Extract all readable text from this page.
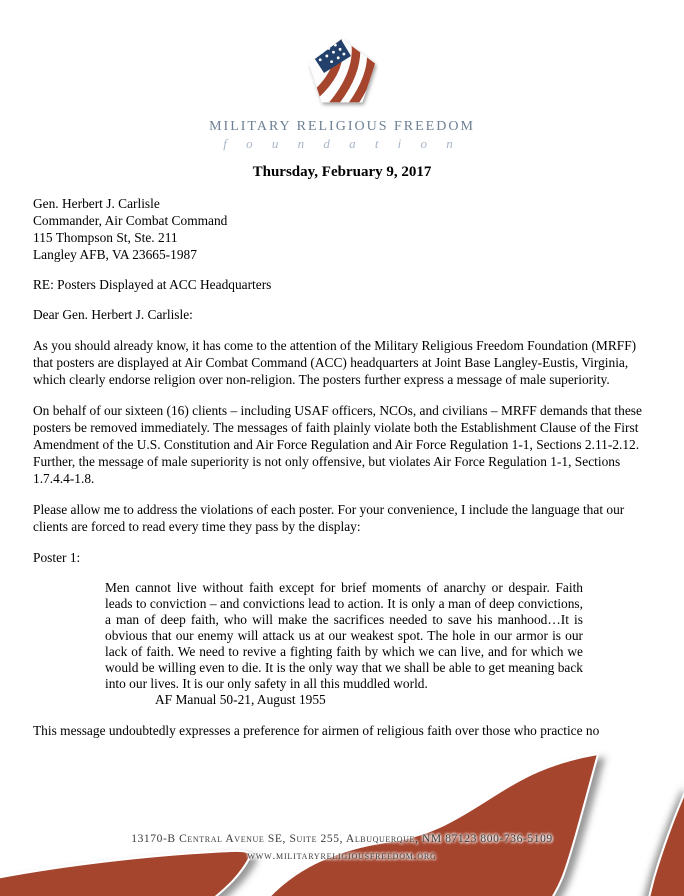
MILITARY RELIGIOUS FREEDOM
f o u n d a t i o n
Thursday, February 9, 2017
Gen. Herbert J. Carlisle
Commander, Air Combat Command
115 Thompson St, Ste. 211
Langley AFB, VA 23665-1987
RE: Posters Displayed at ACC Headquarters
Dear Gen. Herbert J. Carlisle:

As you should already know, it has come to the attention of the Military Religious Freedom Foundation (MRFF) that posters are displayed at Air Combat Command (ACC) headquarters at Joint Base Langley-Eustis, Virginia, which clearly endorse religion over non-religion. The posters further express a message of male superiority.

On behalf of our sixteen (16) clients – including USAF officers, NCOs, and civilians – MRFF demands that these posters be removed immediately. The messages of faith plainly violate both the Establishment Clause of the First Amendment of the U.S. Constitution and Air Force Regulation and Air Force Regulation 1-1, Sections 2.11-2.12. Further, the message of male superiority is not only offensive, but violates Air Force Regulation 1-1, Sections 1.7.4.4-1.8.

Please allow me to address the violations of each poster. For your convenience, I include the language that our clients are forced to read every time they pass by the display:

Poster 1:
Men cannot live without faith except for brief moments of anarchy or despair. Faith leads to conviction – and convictions lead to action. It is only a man of deep convictions, a man of deep faith, who will make the sacrifices needed to save his manhood…It is obvious that our enemy will attack us at our weakest spot. The hole in our armor is our lack of faith. We need to revive a fighting faith by which we can live, and for which we would be willing even to die. It is the only way that we shall be able to get meaning back into our lives. It is our only safety in all this muddled world.
AF Manual 50-21, August 1955
This message undoubtedly expresses a preference for airmen of religious faith over those who practice no
13170-B Central Avenue SE, Suite 255, Albuquerque, NM 87123 800-736-5109
www.militaryreligiousfreedom.org
